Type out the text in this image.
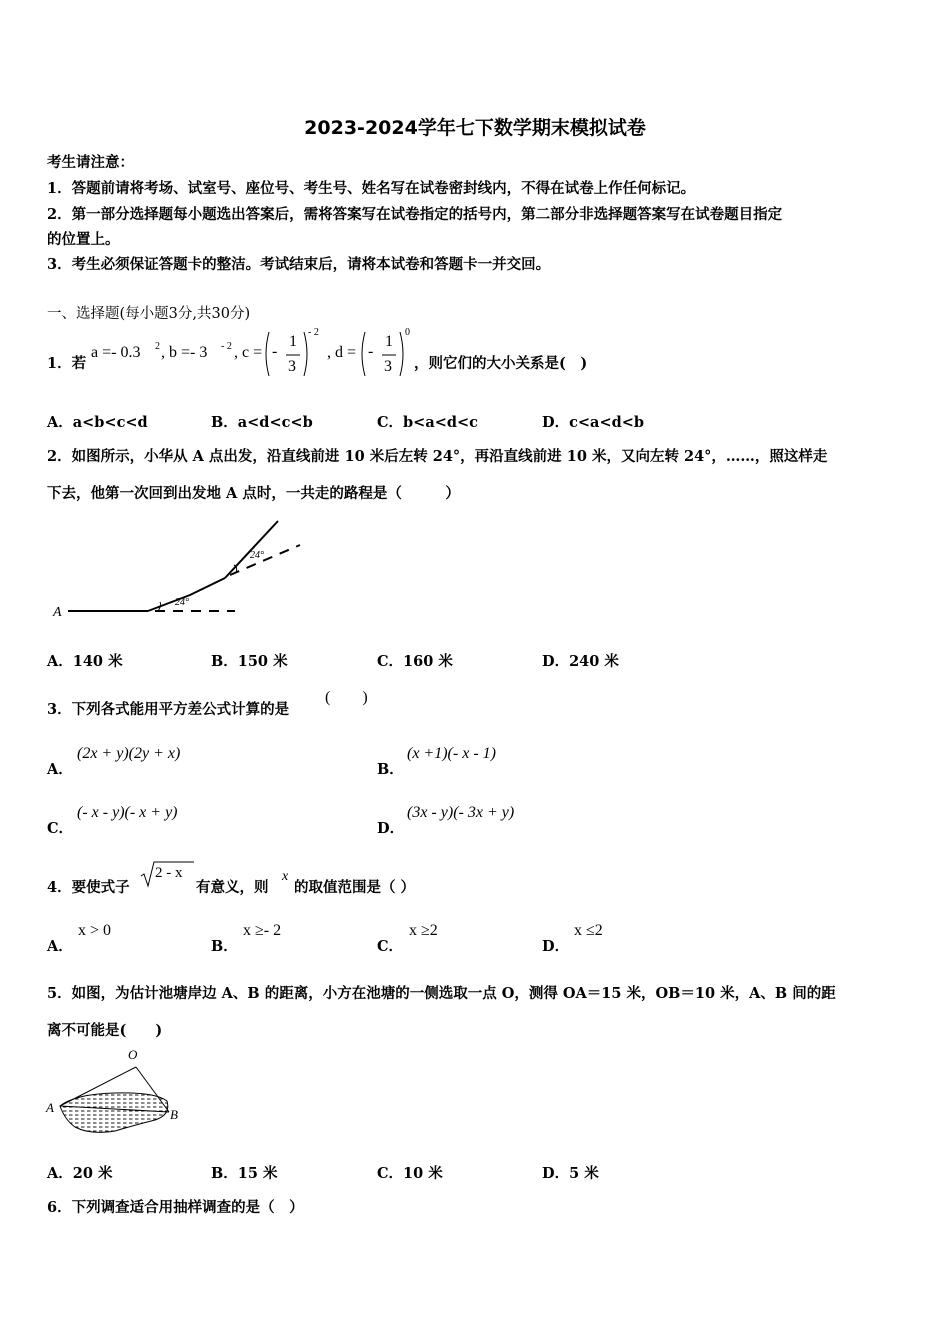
2023-2024学年七下数学期末模拟试卷
考生请注意：
1．答题前请将考场、试室号、座位号、考生号、姓名写在试卷密封线内，不得在试卷上作任何标记。
2．第一部分选择题每小题选出答案后，需将答案写在试卷指定的括号内，第二部分非选择题答案写在试卷题目指定
的位置上。
3．考生必须保证答题卡的整洁。考试结束后，请将本试卷和答题卡一并交回。
一、选择题(每小题3分,共30分)
1．若
a =- 0.3 2 , b =- 3 - 2 , c = -
1
3
- 2
, d = -
1
3
0
，则它们的大小关系是(　)
A．a<b<c<d	B．a<d<c<b	C．b<a<d<c	D．c<a<d<b
2．如图所示，小华从 A 点出发，沿直线前进 10 米后左转 24°，再沿直线前进 10 米，又向左转 24°，……，照这样走
下去，他第一次回到出发地 A 点时，一共走的路程是（　　　）
A
24°
24°
A．140 米	B．150 米	C．160 米	D．240 米
3．下列各式能用平方差公式计算的是
(　　)
A．
(2x + y)(2y + x)
B．
(x +1)(- x - 1)
C．
(- x - y)(- x + y)
D．
(3x - y)(- 3x + y)
4．要使式子
2 - x
有意义，则
x
的取值范围是（ ）
A．
x > 0
B．
x ≥- 2
C．
x ≥2
D．
x ≤2
5．如图，为估计池塘岸边 A、B 的距离，小方在池塘的一侧选取一点 O，测得 OA＝15 米，OB＝10 米，A、B 间的距
离不可能是(　　)
O
A	B
A．20 米	B．15 米	C．10 米	D．5 米
6．下列调查适合用抽样调查的是（　）
